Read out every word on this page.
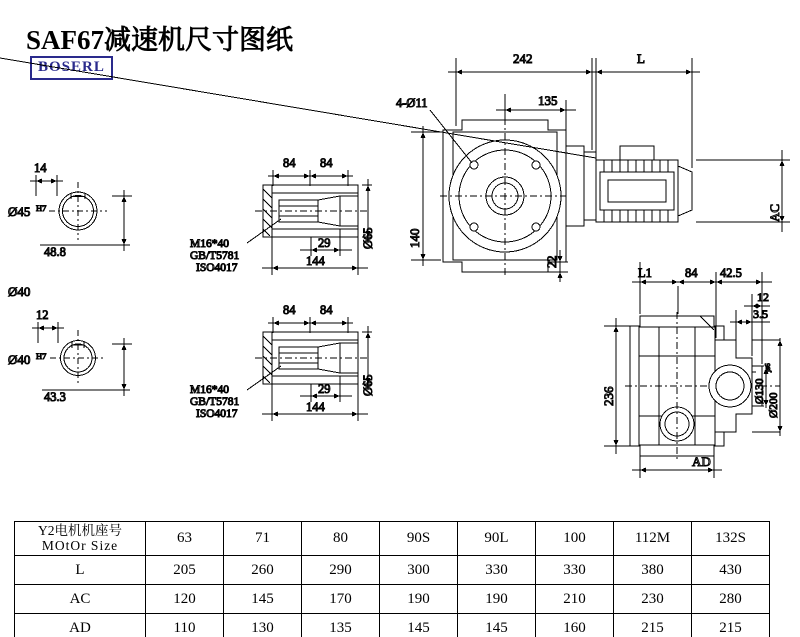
SAF67减速机尺寸图纸
BOSERL
14
Ø45 H7
48.8
Ø40
12
Ø40 H7
43.3
84 84
29
144
Ø65
M16*40
GB/T5781
ISO4017
84 84
29
144
Ø65
M16*40
GB/T5781
ISO4017
242	L
135
4-Ø11
140
22
AC
L1	84 42.5
12
3.5
236	Ø130
js6
Ø200
AD
Y2电机机座号
MOtOr Size	63	71	80	90S	90L	100	112M	132S
L	205	260	290	300	330	330	380	430
AC	120	145	170	190	190	210	230	280
AD	110	130	135	145	145	160	215	215
